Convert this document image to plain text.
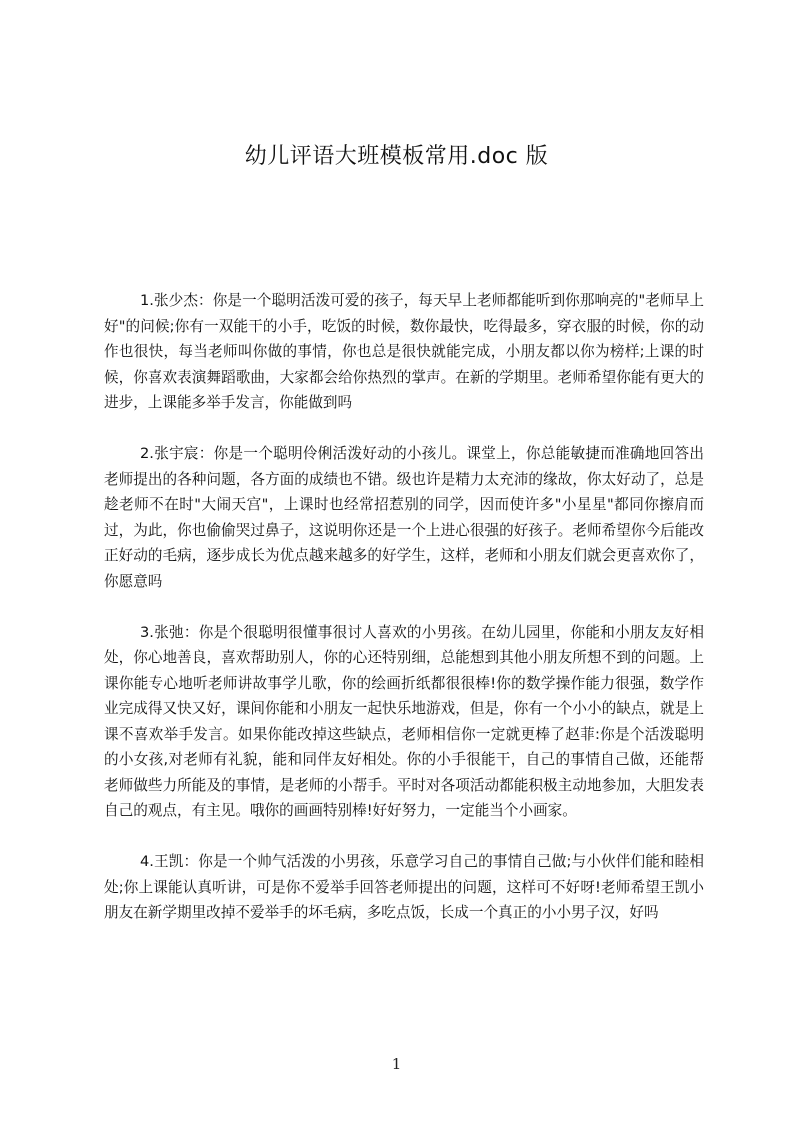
幼儿评语大班模板常用.doc 版

1.张少杰：你是一个聪明活泼可爱的孩子，每天早上老师都能听到你那响亮的"老师早上好"的问候;你有一双能干的小手，吃饭的时候，数你最快，吃得最多，穿衣服的时候，你的动作也很快，每当老师叫你做的事情，你也总是很快就能完成，小朋友都以你为榜样;上课的时候，你喜欢表演舞蹈歌曲，大家都会给你热烈的掌声。在新的学期里。老师希望你能有更大的进步，上课能多举手发言，你能做到吗

2.张宇宸：你是一个聪明伶俐活泼好动的小孩儿。课堂上，你总能敏捷而准确地回答出老师提出的各种问题，各方面的成绩也不错。级也许是精力太充沛的缘故，你太好动了，总是趁老师不在时"大闹天宫"，上课时也经常招惹别的同学，因而使许多"小星星"都同你擦肩而过，为此，你也偷偷哭过鼻子，这说明你还是一个上进心很强的好孩子。老师希望你今后能改正好动的毛病，逐步成长为优点越来越多的好学生，这样，老师和小朋友们就会更喜欢你了，你愿意吗

3.张弛：你是个很聪明很懂事很讨人喜欢的小男孩。在幼儿园里，你能和小朋友友好相处，你心地善良，喜欢帮助别人，你的心还特别细，总能想到其他小朋友所想不到的问题。上课你能专心地听老师讲故事学儿歌，你的绘画折纸都很很棒!你的数学操作能力很强，数学作业完成得又快又好，课间你能和小朋友一起快乐地游戏，但是，你有一个小小的缺点，就是上课不喜欢举手发言。如果你能改掉这些缺点，老师相信你一定就更棒了赵菲:你是个活泼聪明的小女孩,对老师有礼貌，能和同伴友好相处。你的小手很能干，自己的事情自己做，还能帮老师做些力所能及的事情，是老师的小帮手。平时对各项活动都能积极主动地参加，大胆发表自己的观点，有主见。哦你的画画特别棒!好好努力，一定能当个小画家。

4.王凯：你是一个帅气活泼的小男孩，乐意学习自己的事情自己做;与小伙伴们能和睦相处;你上课能认真听讲，可是你不爱举手回答老师提出的问题，这样可不好呀!老师希望王凯小朋友在新学期里改掉不爱举手的坏毛病，多吃点饭，长成一个真正的小小男子汉，好吗

1
